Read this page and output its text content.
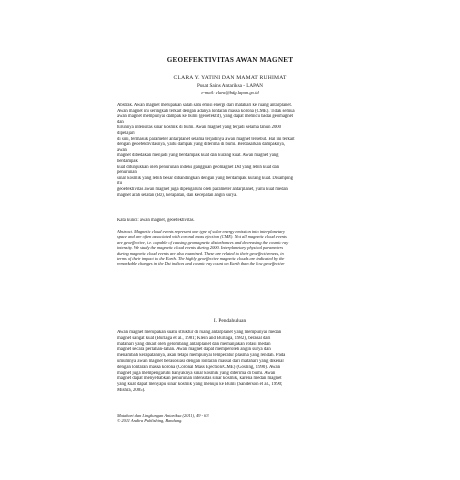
GEOEFEKTIVITAS AWAN MAGNET
CLARA Y. YATINI DAN MAMAT RUHIMAT
Pusat Sains Antariksa - LAPAN
e-mail: clara@bdg.lapan.go.id
Abstrak. Awan magnet merupakan salah satu emisi energi dari matahari ke ruang antarplanet.
Awan magnet ini seringkah terkait dengan adanya lontaran massa korona (CME). Tidak semua
awan magnet mempunyai dampak ke bumi (geoefektif), yang dapat memicu badai geomagnet
dan
turunnya intensitas sinar kosmik di bumi. Awan magnet yang terjadi selama tahun 2000
dipelajari
di sini, termasuk parameter antarplanet selama terjadinya awan magnet tersebut. Hal ini terkait
dengan geoefektivitasnya, yaitu dampak yang diterima di bumi. Berdasarkan dampaknya,
awan
magnet dibedakan menjadi yang berdampak kuat dan kurang kuat. Awan magnet yang
berdampak
kuat ditunjukkan oleh penurunan indeks gangguan geomagnet Dst yang lebih kuat dan
penurunan
sinar kosmik yang lebih besar dibandingkan dengan yang berdampak kurang kuat. Disamping
itu
geoefektivitas awan magnet juga dipengaruhi oleh parameter antarplanet, yaitu kuat medan
magnet arah selatan (Bz), kerapatan, dan kecepatan angin surya.
Kata kunci: awan magnet, geoefektivitas.
Abstract. Magnetic cloud events represent one type of solar energy emission into interplanetary
space and are often associated with coronal mass ejection (CME). Not all magnetic cloud events
are geoeffective, i.e. capable of causing geomagnetic disturbances and decreasing the cosmic ray
intensity. We study the magnetic cloud events during 2000. Interplanetary physical parameters
during magnetic cloud events are also examined. These are related to their geoeffectiveness, in
terms of their impact to the Earth. The highly geoeffective magnetic clouds are indicated by the
remarkable changes in the Dst indices and cosmic ray count on Earth than the low geoeffective
I. Pendahuluan
Awan magnet merupakan suatu struktur di ruang antarplanet yang mempunyai medan
magnet sangat kuat (Burlaga et al., 1981; Klein and Burlaga, 1982), berasal dari
matahari yang dikait oleh gelombang antarplanet dan memanjakan rotasi medan
magnet secara perlahan-lahan. Awan magnet dapat memperoleh angin surya dan
menambah kerapatannya, akan tetapi mempunyai temperatur plasma yang rendah. Pada
umumnya awan magnet berasosiasi dengan lontaran massal dari matahari yang dikenal
dengan lontaran massa korona (Coronal Mass Ejection/CME) (Gosling, 1990). Awan
magnet juga mempengaruhi banyaknya sinar kosmik yang diterima di bumi. Awan
magnet dapat menyebabkan penurunan intensitas sinar kosmik, karena medan magnet
yang kuat dapat menyapu sinar kosmik yang menuju ke Bumi (Sanderson et al., 1990;
Mishra, 2005).
Matahari dan Lingkungan Antariksa (2011), 49 - 63
© 2011 Andira Publishing, Bandung.
